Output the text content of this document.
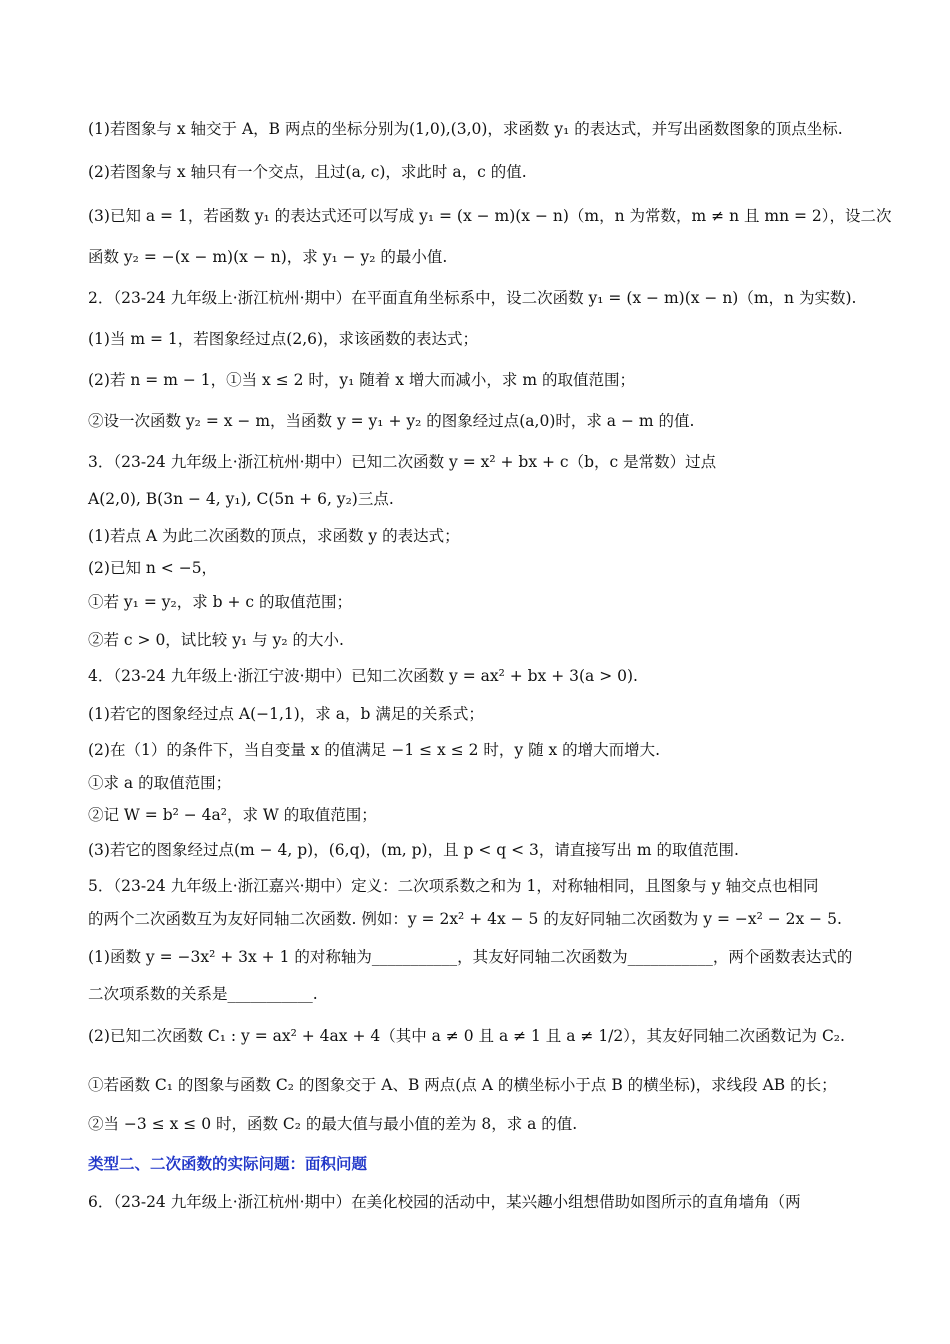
(1)若图象与 x 轴交于 A，B 两点的坐标分别为(1,0),(3,0)，求函数 y₁ 的表达式，并写出函数图象的顶点坐标.
(2)若图象与 x 轴只有一个交点，且过(a, c)，求此时 a，c 的值.
(3)已知 a = 1，若函数 y₁ 的表达式还可以写成 y₁ = (x − m)(x − n)（m，n 为常数，m ≠ n 且 mn = 2），设二次
函数 y₂ = −(x − m)(x − n)，求 y₁ − y₂ 的最小值.
2．（23-24 九年级上·浙江杭州·期中）在平面直角坐标系中，设二次函数 y₁ = (x − m)(x − n)（m，n 为实数).
(1)当 m = 1，若图象经过点(2,6)，求该函数的表达式；
(2)若 n = m − 1，①当 x ≤ 2 时，y₁ 随着 x 增大而减小，求 m 的取值范围；
②设一次函数 y₂ = x − m，当函数 y = y₁ + y₂ 的图象经过点(a,0)时，求 a − m 的值.
3．（23-24 九年级上·浙江杭州·期中）已知二次函数 y = x² + bx + c（b，c 是常数）过点
A(2,0), B(3n − 4, y₁), C(5n + 6, y₂)三点.
(1)若点 A 为此二次函数的顶点，求函数 y 的表达式；
(2)已知 n < −5，
①若 y₁ = y₂，求 b + c 的取值范围；
②若 c > 0，试比较 y₁ 与 y₂ 的大小.
4．（23-24 九年级上·浙江宁波·期中）已知二次函数 y = ax² + bx + 3(a > 0).
(1)若它的图象经过点 A(−1,1)，求 a，b 满足的关系式；
(2)在（1）的条件下，当自变量 x 的值满足 −1 ≤ x ≤ 2 时，y 随 x 的增大而增大.
①求 a 的取值范围；
②记 W = b² − 4a²，求 W 的取值范围；
(3)若它的图象经过点(m − 4, p)，(6,q)，(m, p)，且 p < q < 3，请直接写出 m 的取值范围.
5．（23-24 九年级上·浙江嘉兴·期中）定义：二次项系数之和为 1，对称轴相同，且图象与 y 轴交点也相同
的两个二次函数互为友好同轴二次函数. 例如：y = 2x² + 4x − 5 的友好同轴二次函数为 y = −x² − 2x − 5.
(1)函数 y = −3x² + 3x + 1 的对称轴为___________，其友好同轴二次函数为___________，两个函数表达式的
二次项系数的关系是___________.
(2)已知二次函数 C₁ : y = ax² + 4ax + 4（其中 a ≠ 0 且 a ≠ 1 且 a ≠ 1/2），其友好同轴二次函数记为 C₂.
①若函数 C₁ 的图象与函数 C₂ 的图象交于 A、B 两点(点 A 的横坐标小于点 B 的横坐标)，求线段 AB 的长；
②当 −3 ≤ x ≤ 0 时，函数 C₂ 的最大值与最小值的差为 8，求 a 的值.
类型二、二次函数的实际问题：面积问题
6．（23-24 九年级上·浙江杭州·期中）在美化校园的活动中，某兴趣小组想借助如图所示的直角墙角（两
